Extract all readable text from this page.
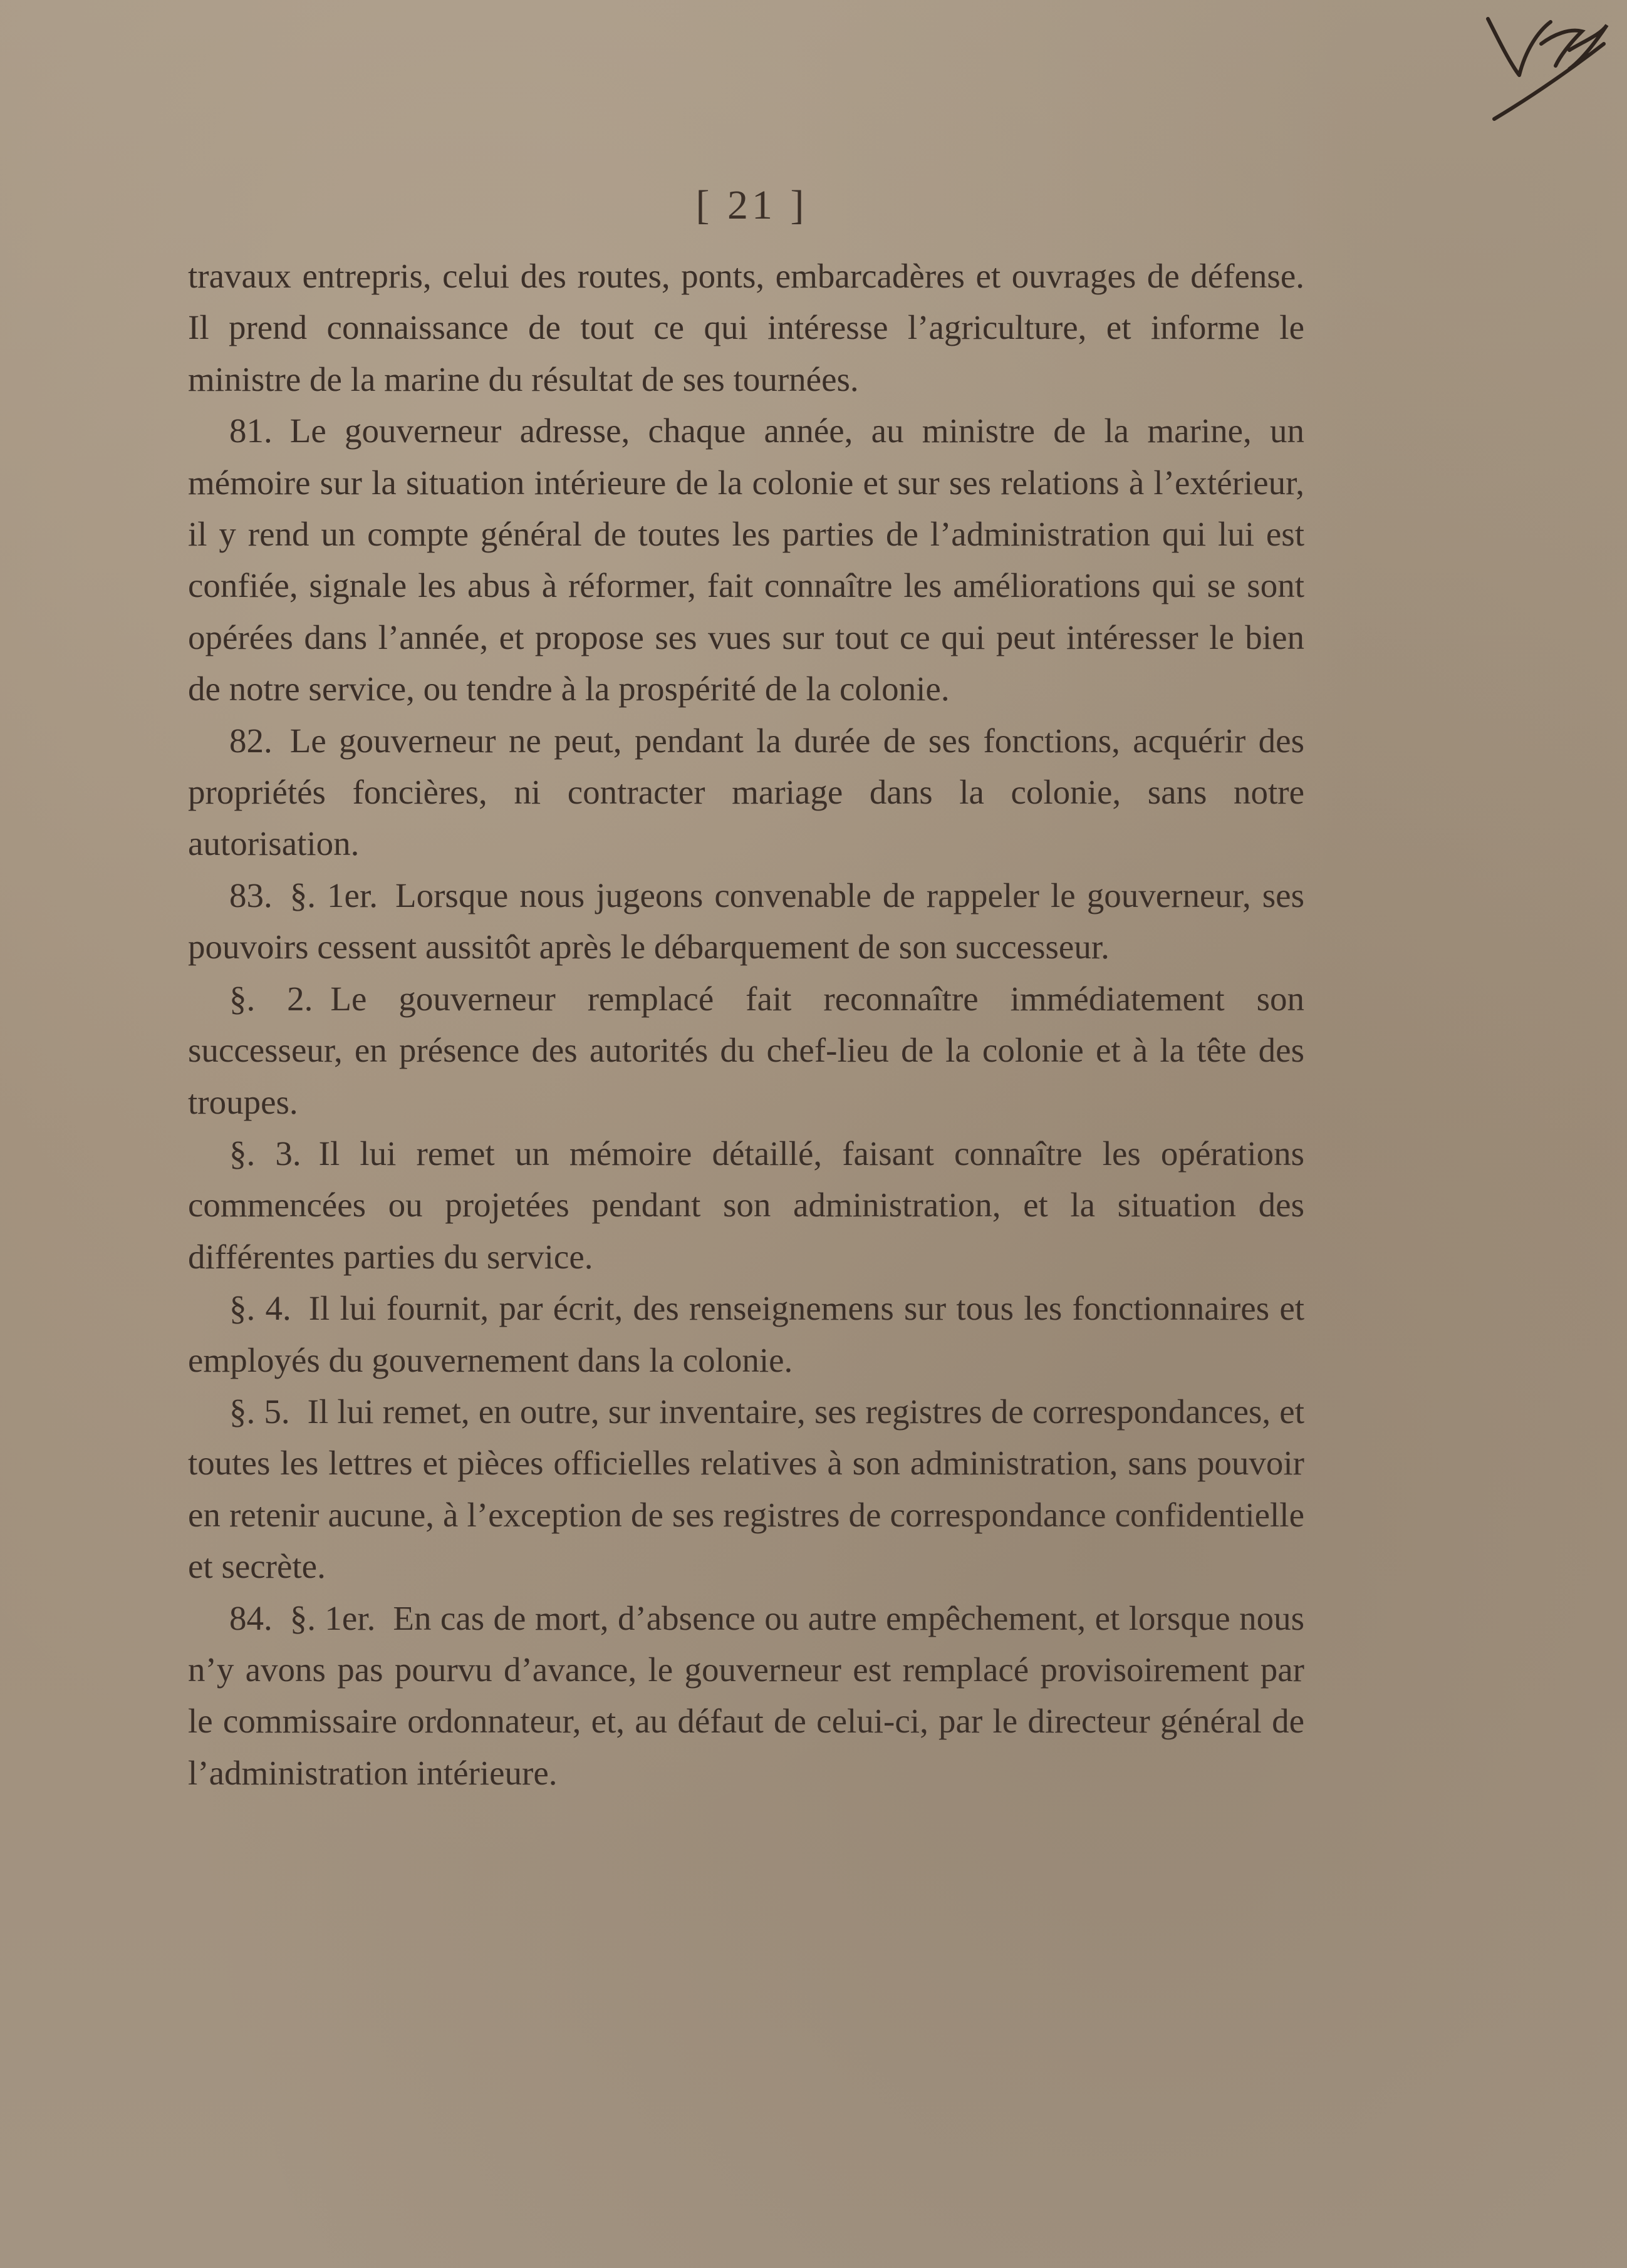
[ 21 ]

travaux entrepris, celui des routes, ponts, embarcadères et ouvrages de défense. Il prend connaissance de tout ce qui intéresse l’agriculture, et informe le ministre de la marine du résultat de ses tournées.

81. Le gouverneur adresse, chaque année, au ministre de la marine, un mémoire sur la situation intérieure de la colonie et sur ses relations à l’extérieur, il y rend un compte général de toutes les parties de l’administration qui lui est confiée, signale les abus à réformer, fait connaître les améliorations qui se sont opérées dans l’année, et propose ses vues sur tout ce qui peut intéresser le bien de notre service, ou tendre à la prospérité de la colonie.

82. Le gouverneur ne peut, pendant la durée de ses fonctions, acquérir des propriétés foncières, ni contracter mariage dans la colonie, sans notre autorisation.

83. §. 1er. Lorsque nous jugeons convenable de rappeler le gouverneur, ses pouvoirs cessent aussitôt après le débarquement de son successeur.

§. 2. Le gouverneur remplacé fait reconnaître immédiatement son successeur, en présence des autorités du chef-lieu de la colonie et à la tête des troupes.

§. 3. Il lui remet un mémoire détaillé, faisant connaître les opérations commencées ou projetées pendant son administration, et la situation des différentes parties du service.

§. 4. Il lui fournit, par écrit, des renseignemens sur tous les fonctionnaires et employés du gouvernement dans la colonie.

§. 5. Il lui remet, en outre, sur inventaire, ses registres de correspondances, et toutes les lettres et pièces officielles relatives à son administration, sans pouvoir en retenir aucune, à l’exception de ses registres de correspondance confidentielle et secrète.

84. §. 1er. En cas de mort, d’absence ou autre empêchement, et lorsque nous n’y avons pas pourvu d’avance, le gouverneur est remplacé provisoirement par le commissaire ordonnateur, et, au défaut de celui-ci, par le directeur général de l’administration intérieure.
